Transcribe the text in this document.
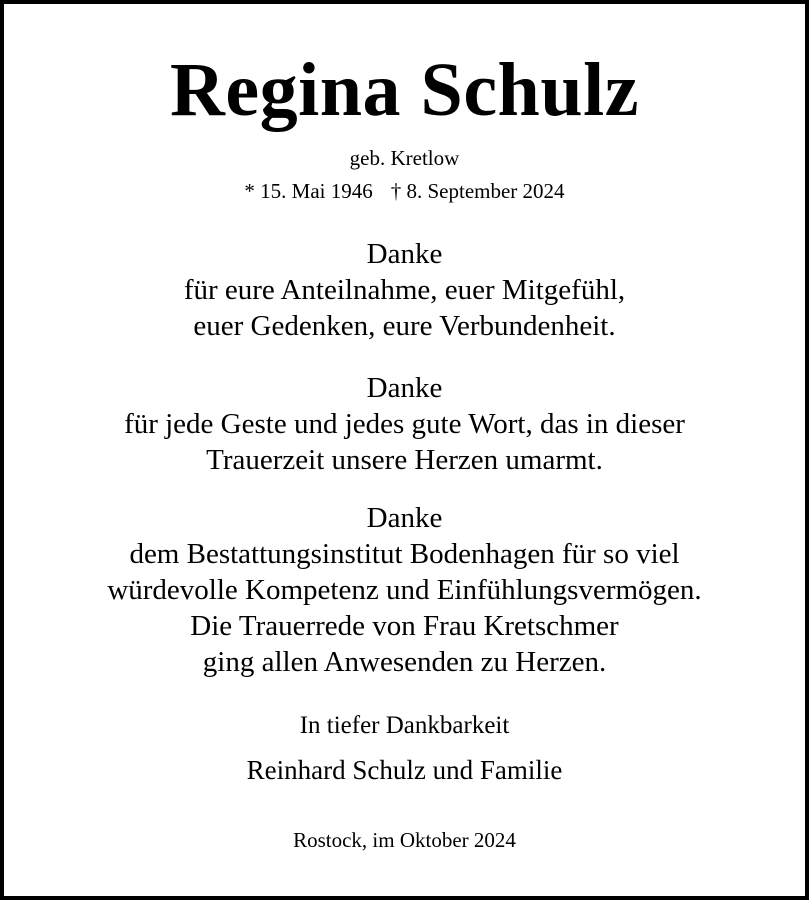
Regina Schulz
geb. Kretlow
* 15. Mai 1946 † 8. September 2024
Danke
für eure Anteilnahme, euer Mitgefühl,
euer Gedenken, eure Verbundenheit.
Danke
für jede Geste und jedes gute Wort, das in dieser
Trauerzeit unsere Herzen umarmt.
Danke
dem Bestattungsinstitut Bodenhagen für so viel
würdevolle Kompetenz und Einfühlungsvermögen.
Die Trauerrede von Frau Kretschmer
ging allen Anwesenden zu Herzen.
In tiefer Dankbarkeit
Reinhard Schulz und Familie
Rostock, im Oktober 2024
